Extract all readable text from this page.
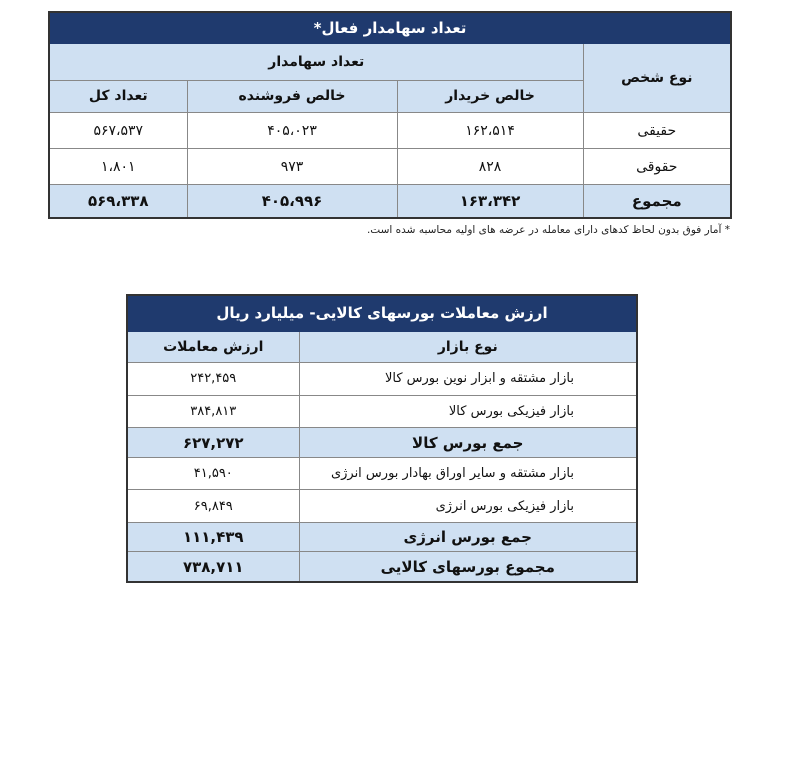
تعداد سهامدار فعال*			
نوع شخص	تعداد سهامدار		
	خالص خریدار	خالص فروشنده	تعداد کل
حقیقی	۱۶۲،۵۱۴	۴۰۵،۰۲۳	۵۶۷،۵۳۷
حقوقی	۸۲۸	۹۷۳	۱،۸۰۱
مجموع	۱۶۳،۳۴۲	۴۰۵،۹۹۶	۵۶۹،۳۳۸
* آمار فوق بدون لحاظ کدهای دارای معامله در عرضه های اولیه محاسبه شده است.
ارزش معاملات بورسهای کالایی- میلیارد ریال	
نوع بازار	ارزش معاملات
بازار مشتقه و ابزار نوین بورس کالا	۲۴۲,۴۵۹
بازار فیزیکی بورس کالا	۳۸۴,۸۱۳
جمع بورس کالا	۶۲۷,۲۷۲
بازار مشتقه و سایر اوراق بهادار بورس انرژی	۴۱,۵۹۰
بازار فیزیکی بورس انرژی	۶۹,۸۴۹
جمع بورس انرژی	۱۱۱,۴۳۹
مجموع بورسهای کالایی	۷۳۸,۷۱۱
